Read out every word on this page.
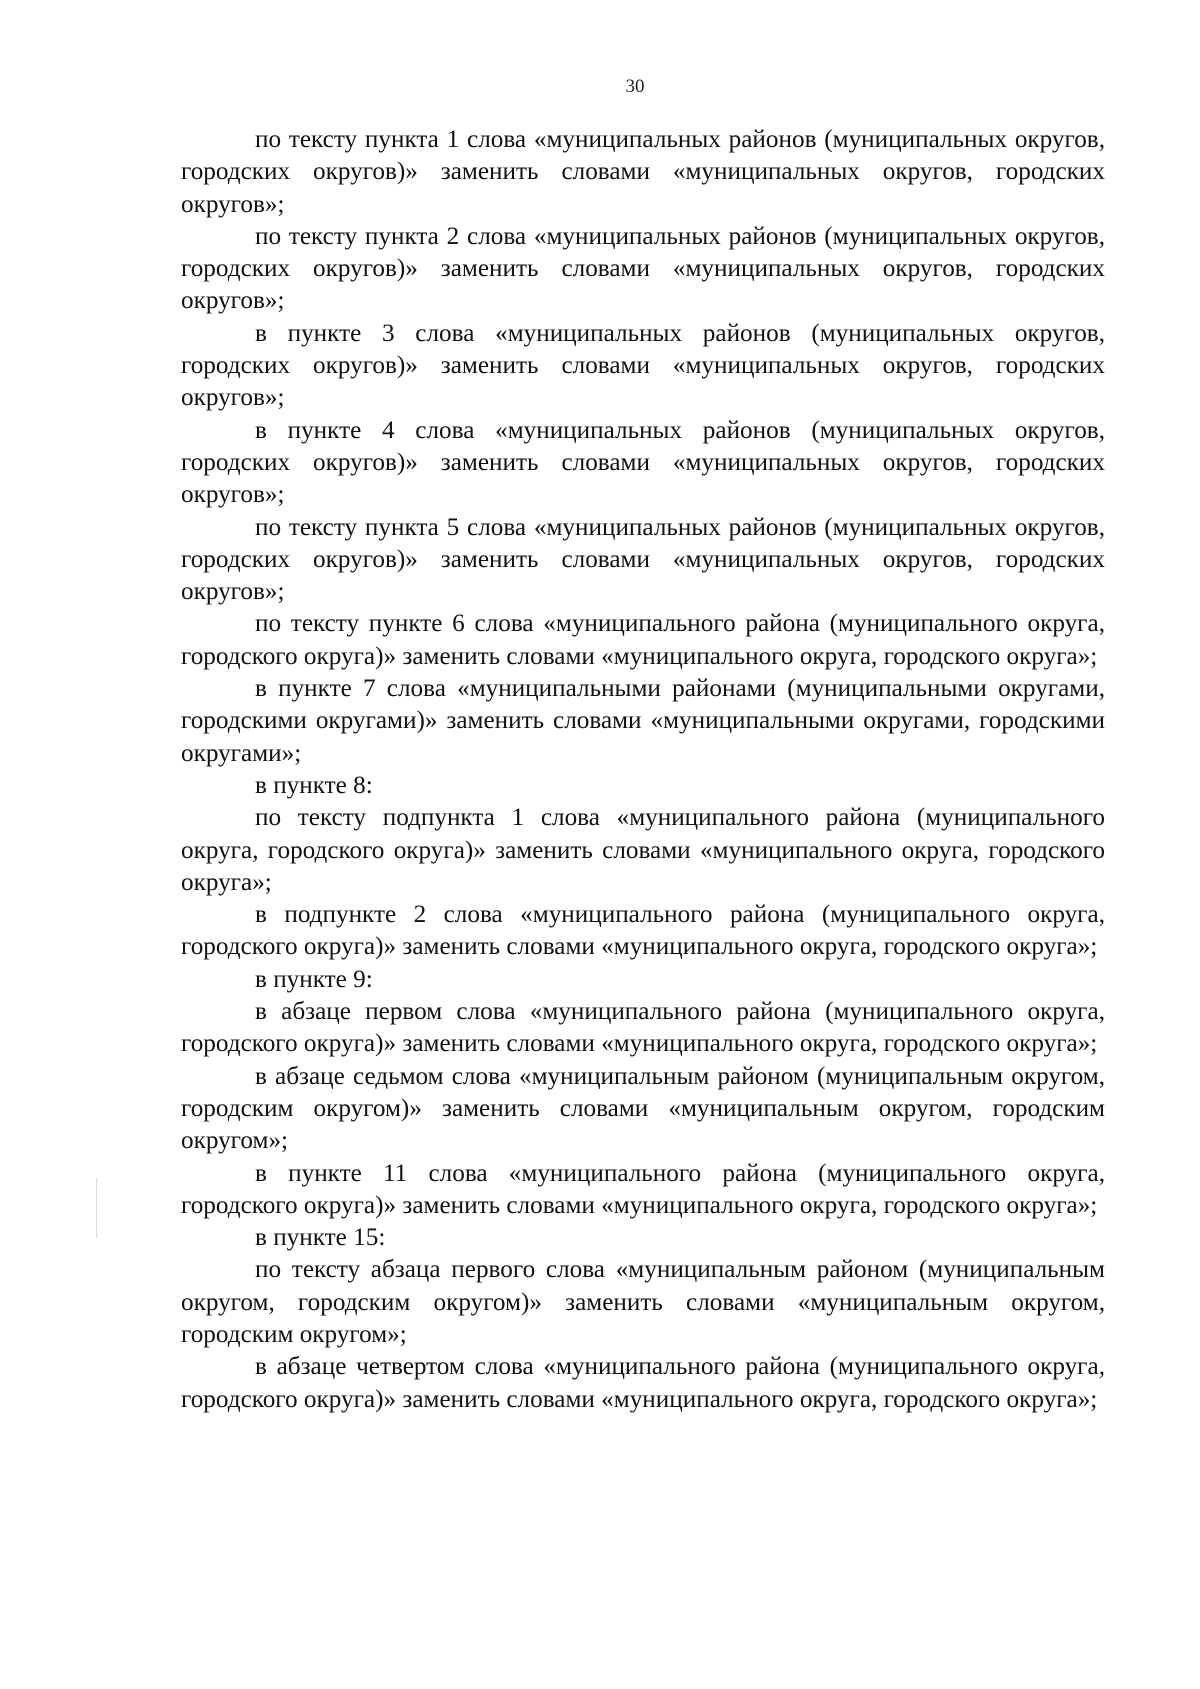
30

по тексту пункта 1 слова «муниципальных районов (муниципальных округов, городских округов)» заменить словами «муниципальных округов, городских округов»;

по тексту пункта 2 слова «муниципальных районов (муниципальных округов, городских округов)» заменить словами «муниципальных округов, городских округов»;

в пункте 3 слова «муниципальных районов (муниципальных округов, городских округов)» заменить словами «муниципальных округов, городских округов»;

в пункте 4 слова «муниципальных районов (муниципальных округов, городских округов)» заменить словами «муниципальных округов, городских округов»;

по тексту пункта 5 слова «муниципальных районов (муниципальных округов, городских округов)» заменить словами «муниципальных округов, городских округов»;

по тексту пункте 6 слова «муниципального района (муниципального округа, городского округа)» заменить словами «муниципального округа, городского округа»;

в пункте 7 слова «муниципальными районами (муниципальными округами, городскими округами)» заменить словами «муниципальными округами, городскими округами»;

в пункте 8:

по тексту подпункта 1 слова «муниципального района (муниципального округа, городского округа)» заменить словами «муниципального округа, городского округа»;

в подпункте 2 слова «муниципального района (муниципального округа, городского округа)» заменить словами «муниципального округа, городского округа»;

в пункте 9:

в абзаце первом слова «муниципального района (муниципального округа, городского округа)» заменить словами «муниципального округа, городского округа»;

в абзаце седьмом слова «муниципальным районом (муниципальным округом, городским округом)» заменить словами «муниципальным округом, городским округом»;

в пункте 11 слова «муниципального района (муниципального округа, городского округа)» заменить словами «муниципального округа, городского округа»;

в пункте 15:

по тексту абзаца первого слова «муниципальным районом (муниципальным округом, городским округом)» заменить словами «муниципальным округом, городским округом»;

в абзаце четвертом слова «муниципального района (муниципального округа, городского округа)» заменить словами «муниципального округа, городского округа»;
